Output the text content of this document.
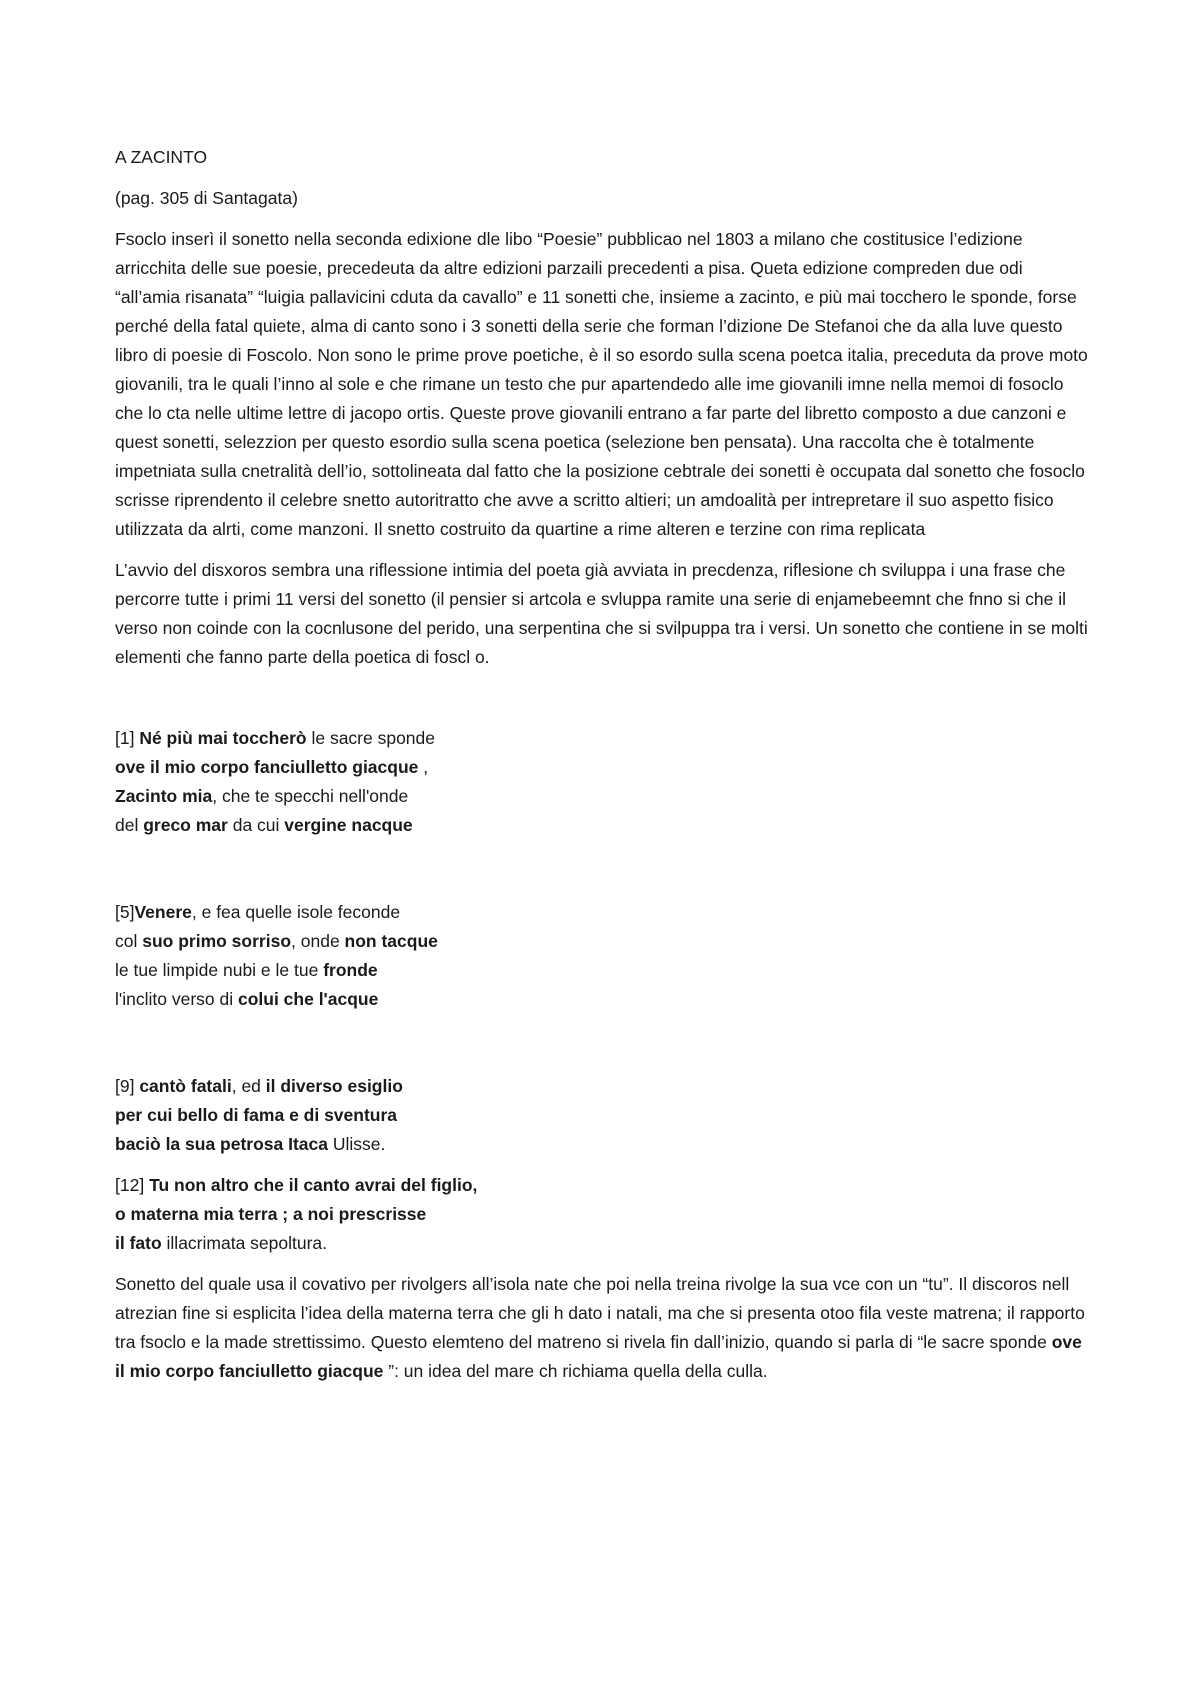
A ZACINTO

(pag. 305 di Santagata)

Fsoclo inserì il sonetto nella seconda edixione dle libo “Poesie” pubblicao nel 1803 a milano che costitusice l’edizione arricchita delle sue poesie, precedeuta da altre edizioni parzaili precedenti a pisa. Queta edizione compreden due odi “all’amia risanata” “luigia pallavicini cduta da cavallo” e 11 sonetti che, insieme a zacinto, e più mai tocchero le sponde, forse perché della fatal quiete, alma di canto sono i 3 sonetti della serie che forman l’dizione De Stefanoi che da alla luve questo libro di poesie di Foscolo. Non sono le prime prove poetiche, è il so esordo sulla scena poetca italia, preceduta da prove moto giovanili, tra le quali l’inno al sole e che rimane un testo che pur apartendedo alle ime giovanili imne nella memoi di fosoclo che lo cta nelle ultime lettre di jacopo ortis. Queste prove giovanili entrano a far parte del libretto composto a due canzoni e quest sonetti, selezzion per questo esordio sulla scena poetica (selezione ben pensata). Una raccolta che è totalmente impetniata sulla cnetralità dell’io, sottolineata dal fatto che la posizione cebtrale dei sonetti è occupata dal sonetto che fosoclo scrisse riprendento il celebre snetto autoritratto che avve a scritto altieri; un amdoalità per intrepretare il suo aspetto fisico utilizzata da alrti, come manzoni. Il snetto costruito da quartine a rime alteren e terzine con rima replicata

L’avvio del disxoros sembra una riflessione intimia del poeta già avviata in precdenza, riflesione ch sviluppa i una frase che percorre tutte i primi 11 versi del sonetto (il pensier si artcola e svluppa ramite una serie di enjamebeemnt che fnno si che il verso non coinde con la cocnlusone del perido, una serpentina che si svilpuppa tra i versi. Un sonetto che contiene in se molti elementi che fanno parte della poetica di foscl o.

[1] Né più mai toccherò le sacre sponde

ove il mio corpo fanciulletto giacque ,

Zacinto mia, che te specchi nell'onde

del greco mar da cui vergine nacque

[5]Venere, e fea quelle isole feconde

col suo primo sorriso, onde non tacque

le tue limpide nubi e le tue fronde

l'inclito verso di colui che l'acque

[9] cantò fatali, ed il diverso esiglio

per cui bello di fama e di sventura

baciò la sua petrosa Itaca Ulisse.

[12] Tu non altro che il canto avrai del figlio,

o materna mia terra ; a noi prescrisse

il fato illacrimata sepoltura.

Sonetto del quale usa il covativo per rivolgers all’isola nate che poi nella treina rivolge la sua vce con un “tu”. Il discoros nell atrezian fine si esplicita l’idea della materna terra che gli h dato i natali, ma che si presenta otoo fila veste matrena; il rapporto tra fsoclo e la made strettissimo. Questo elemteno del matreno si rivela fin dall’inizio, quando si parla di “le sacre sponde ove il mio corpo fanciulletto giacque ”: un idea del mare ch richiama quella della culla.
